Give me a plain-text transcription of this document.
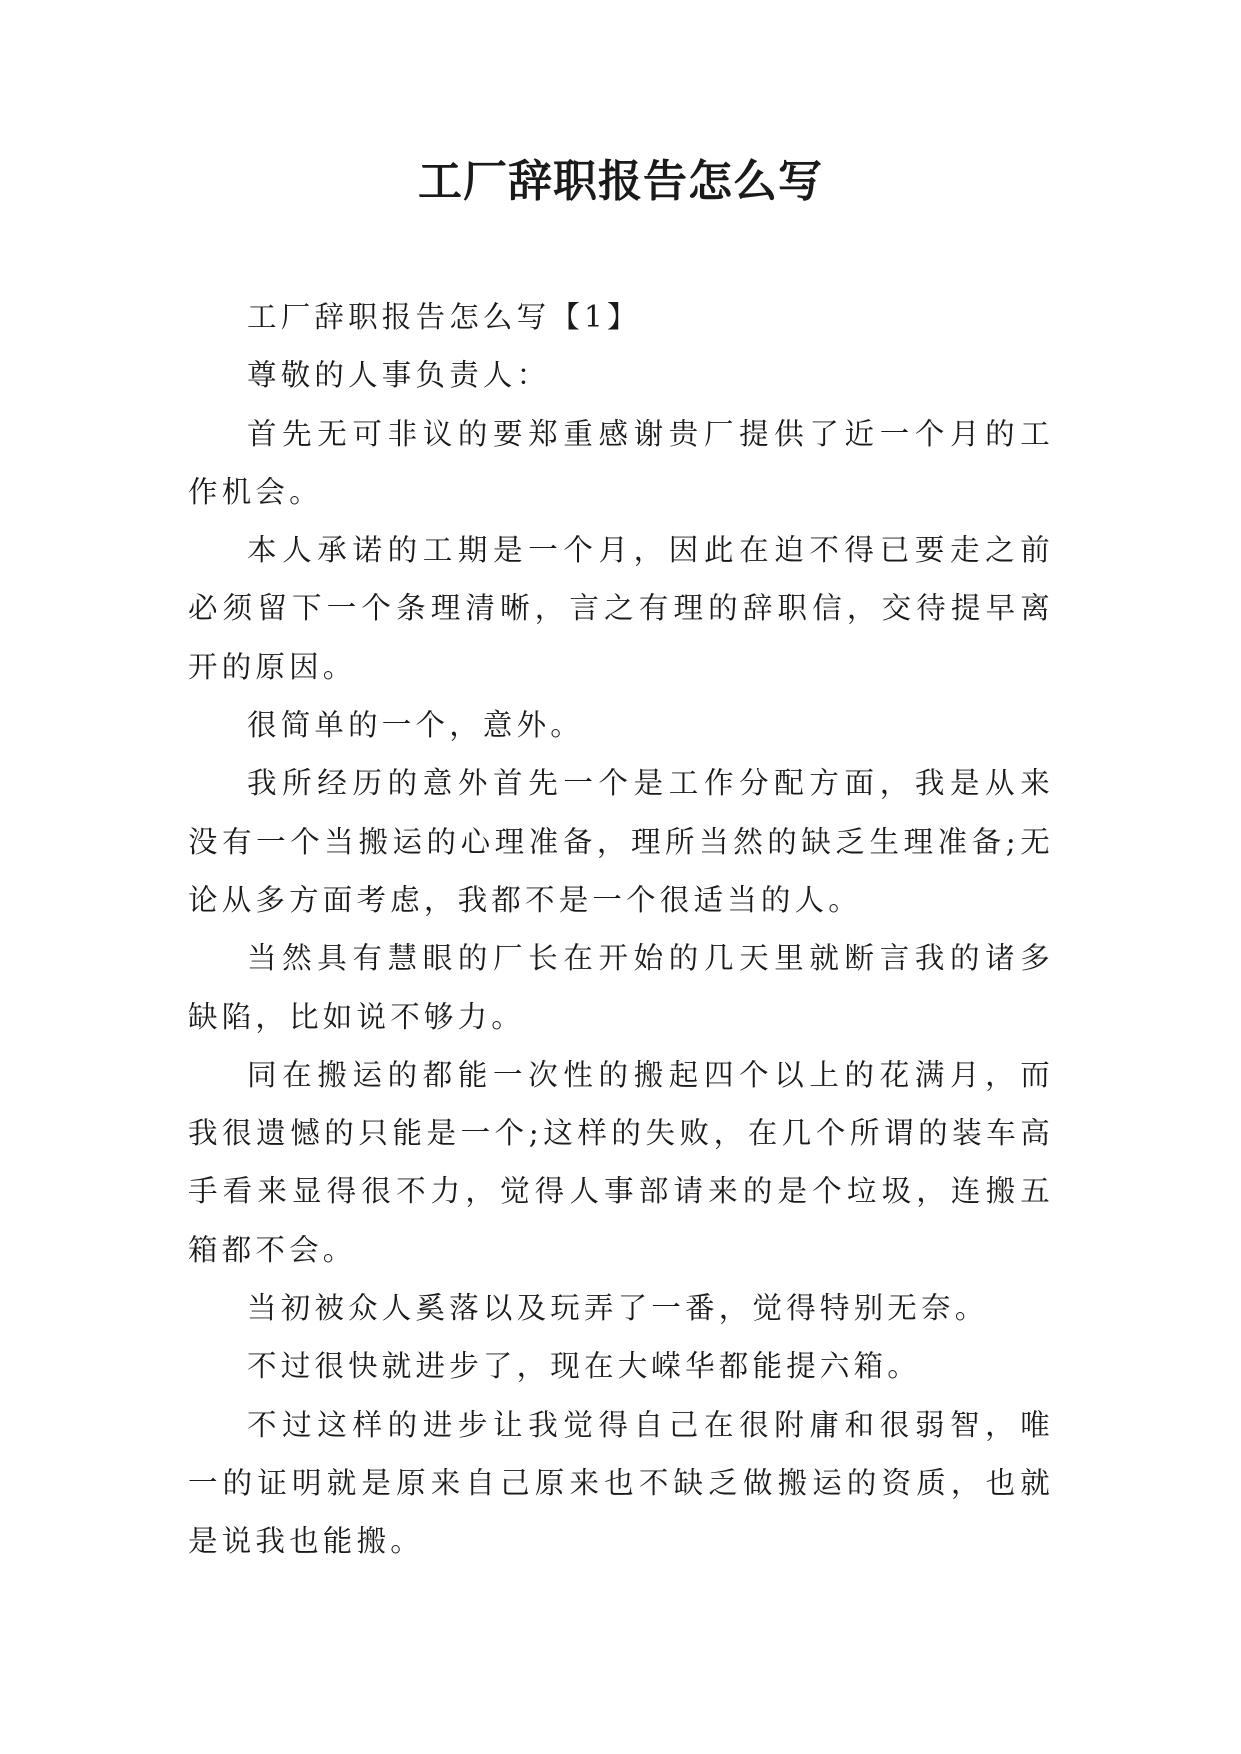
工厂辞职报告怎么写

工厂辞职报告怎么写【1】

尊敬的人事负责人：

首先无可非议的要郑重感谢贵厂提供了近一个月的工作机会。

本人承诺的工期是一个月，因此在迫不得已要走之前必须留下一个条理清晰，言之有理的辞职信，交待提早离开的原因。

很简单的一个，意外。

我所经历的意外首先一个是工作分配方面，我是从来没有一个当搬运的心理准备，理所当然的缺乏生理准备;无论从多方面考虑，我都不是一个很适当的人。

当然具有慧眼的厂长在开始的几天里就断言我的诸多缺陷，比如说不够力。

同在搬运的都能一次性的搬起四个以上的花满月，而我很遗憾的只能是一个;这样的失败，在几个所谓的装车高手看来显得很不力，觉得人事部请来的是个垃圾，连搬五箱都不会。

当初被众人奚落以及玩弄了一番，觉得特别无奈。

不过很快就进步了，现在大嵘华都能提六箱。

不过这样的进步让我觉得自己在很附庸和很弱智，唯一的证明就是原来自己原来也不缺乏做搬运的资质，也就是说我也能搬。
